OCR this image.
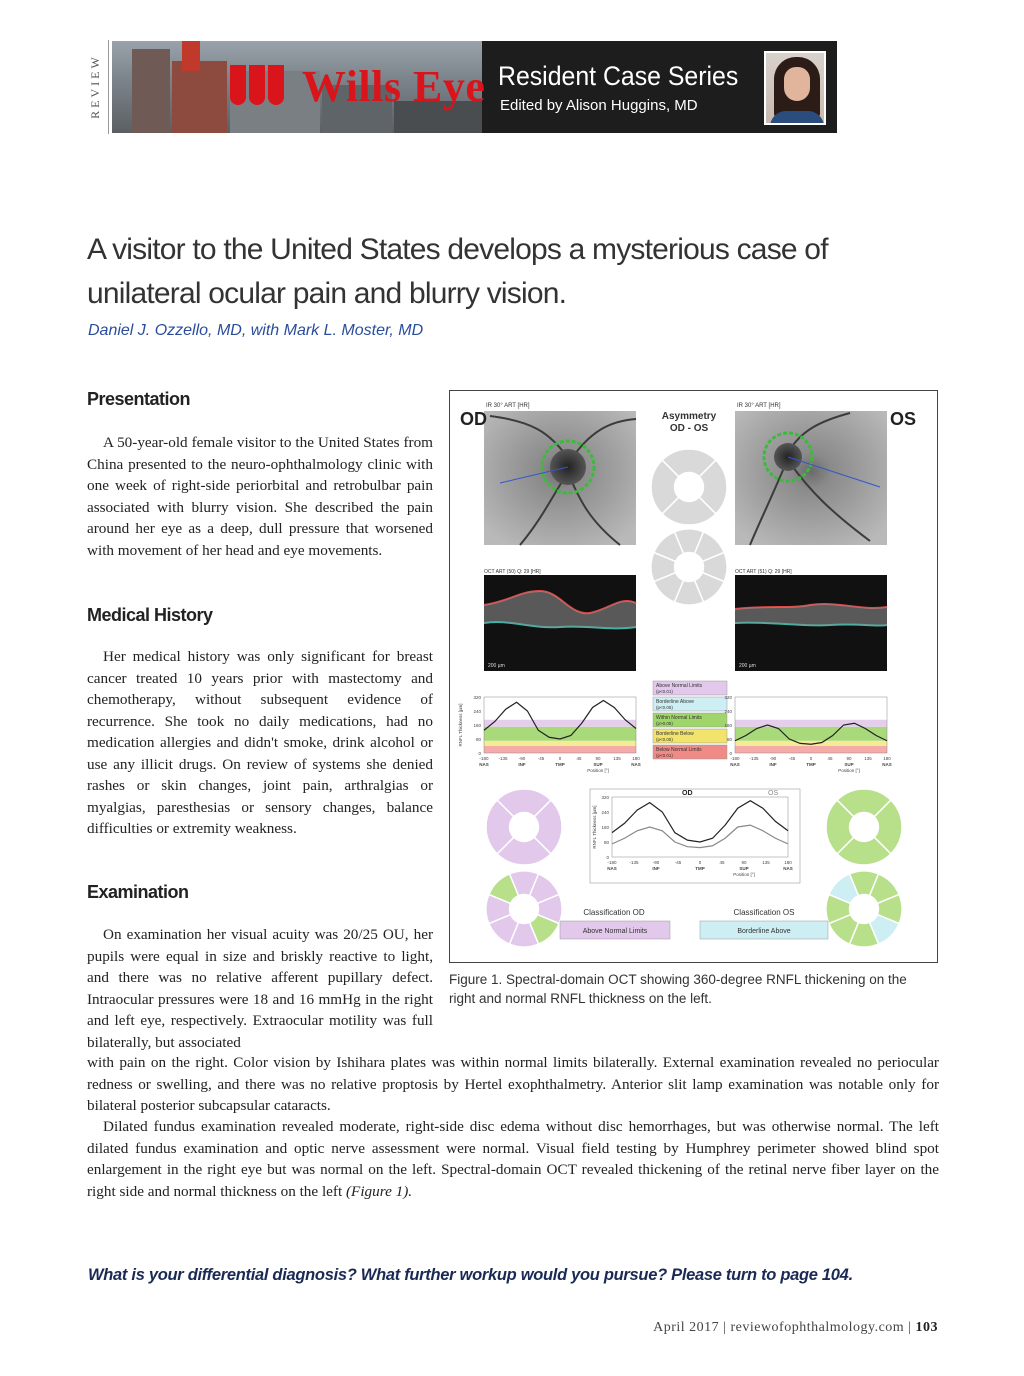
REVIEW	Wills Eye Resident Case Series
Edited by Alison Huggins, MD
A visitor to the United States develops a mysterious case of unilateral ocular pain and blurry vision.
Daniel J. Ozzello, MD, with Mark L. Moster, MD
Presentation

A 50-year-old female visitor to the United States from China presented to the neuro-ophthalmology clinic with one week of right-side periorbital and retrobulbar pain associated with blurry vision. She described the pain around her eye as a deep, dull pressure that worsened with movement of her head and eye movements.

Medical History

Her medical history was only significant for breast cancer treated 10 years prior with mastectomy and chemotherapy, without subsequent evidence of recurrence. She took no daily medications, had no medication allergies and didn't smoke, drink alcohol or use any illicit drugs. On review of systems she denied rashes or skin changes, joint pain, arthralgias or myalgias, paresthesias or sensory changes, balance difficulties or extremity weakness.

Examination

On examination her visual acuity was 20/25 OU, her pupils were equal in size and briskly reactive to light, and there was no relative afferent pupillary defect. Intraocular pressures were 18 and 16 mmHg in the right and left eye, respectively. Extraocular motility was full bilaterally, but associated

with pain on the right. Color vision by Ishihara plates was within normal limits bilaterally. External examination revealed no periocular redness or swelling, and there was no relative proptosis by Hertel exophthalmetry. Anterior slit lamp examination was notable only for bilateral posterior subcapsular cataracts.

Dilated fundus examination revealed moderate, right-side disc edema without disc hemorrhages, but was otherwise normal. The left dilated fundus examination and optic nerve assessment were normal. Visual field testing by Humphrey perimeter showed blind spot enlargement in the right eye but was normal on the left. Spectral-domain OCT revealed thickening of the retinal nerve fiber layer on the right side and normal thickness on the left (Figure 1).

OD	OS
IR 30° ART [HR]	IR 30° ART [HR]
Asymmetry
OD - OS
200 µm
OCT ART (50) Q: 29 [HR]
200 µm
OCT ART (51) Q: 29 [HR]
Above Normal Limits
(p<0.01)
Borderline Above
(p<0.05)
Within Normal Limits
(p>0.05)
Borderline Below
(p<0.05)
Below Normal Limits
(p<0.01)
-180 -135 -90	-45	0	45	90	135	180
NAS	INF	TMP	SUP	NAS
0
80
160
240
320
Position [°]
RNFL Thickness [µm]
-180 -135 -90	-45	0	45	90	135	180
NAS	INF	TMP	SUP	NAS
0
80
160
240
320
Position [°]
-180	-135	-90	-45	0	45	90	135	180
NAS	INF	TMP	SUP	NAS
0
80
160
240
320
Position [°]
OD	OS
RNFL Thickness [µm]
Classification OD
Above Normal Limits
Classification OS
Borderline Above

Figure 1. Spectral-domain OCT showing 360-degree RNFL thickening on the right and normal RNFL thickness on the left.

What is your differential diagnosis? What further workup would you pursue? Please turn to page 104.
April 2017 | reviewofophthalmology.com | 103
